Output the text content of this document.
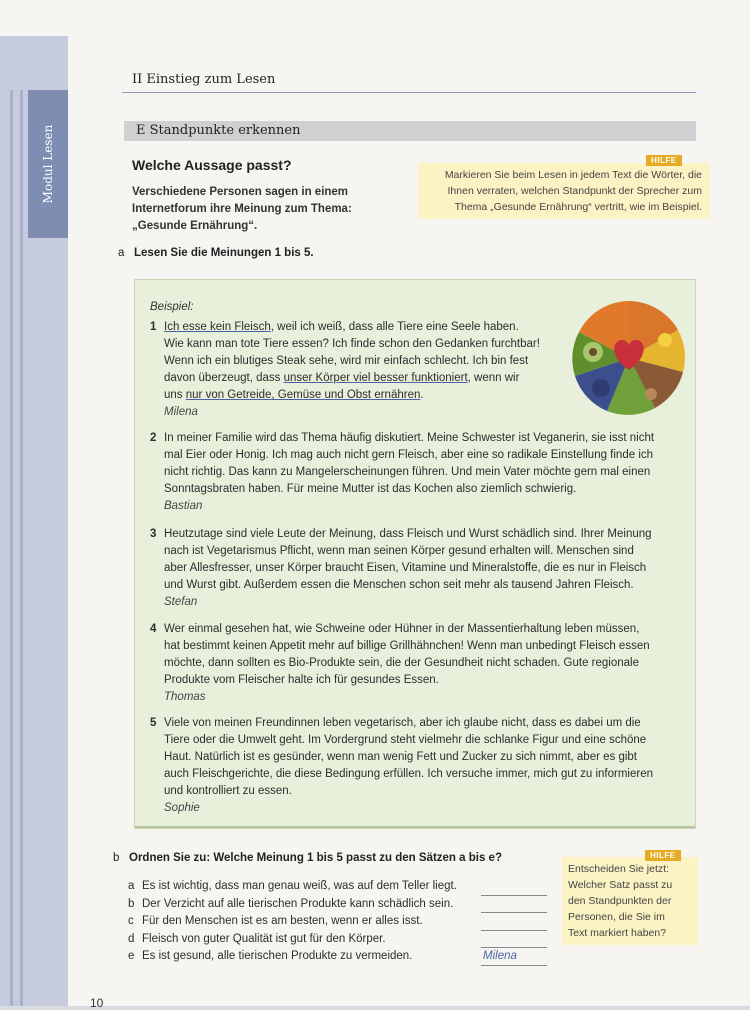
Modul Lesen
II Einstieg zum Lesen
E Standpunkte erkennen
Welche Aussage passt?
Verschiedene Personen sagen in einem
Internetforum ihre Meinung zum Thema:
„Gesunde Ernährung“.
Markieren Sie beim Lesen in jedem Text die Wörter, die
Ihnen verraten, welchen Standpunkt der Sprecher zum
Thema „Gesunde Ernährung“ vertritt, wie im Beispiel.
HILFE
a Lesen Sie die Meinungen 1 bis 5.
Beispiel:
1 Ich esse kein Fleisch, weil ich weiß, dass alle Tiere eine Seele haben.
Wie kann man tote Tiere essen? Ich finde schon den Gedanken furchtbar!
Wenn ich ein blutiges Steak sehe, wird mir einfach schlecht. Ich bin fest
davon überzeugt, dass unser Körper viel besser funktioniert, wenn wir
uns nur von Getreide, Gemüse und Obst ernähren.
Milena
2 In meiner Familie wird das Thema häufig diskutiert. Meine Schwester ist Veganerin, sie isst nicht
mal Eier oder Honig. Ich mag auch nicht gern Fleisch, aber eine so radikale Einstellung finde ich
nicht richtig. Das kann zu Mangelerscheinungen führen. Und mein Vater möchte gern mal einen
Sonntagsbraten haben. Für meine Mutter ist das Kochen also ziemlich schwierig.
Bastian
3 Heutzutage sind viele Leute der Meinung, dass Fleisch und Wurst schädlich sind. Ihrer Meinung
nach ist Vegetarismus Pflicht, wenn man seinen Körper gesund erhalten will. Menschen sind
aber Allesfresser, unser Körper braucht Eisen, Vitamine und Mineralstoffe, die es nur in Fleisch
und Wurst gibt. Außerdem essen die Menschen schon seit mehr als tausend Jahren Fleisch.
Stefan
4 Wer einmal gesehen hat, wie Schweine oder Hühner in der Massentierhaltung leben müssen,
hat bestimmt keinen Appetit mehr auf billige Grillhähnchen! Wenn man unbedingt Fleisch essen
möchte, dann sollten es Bio-Produkte sein, die der Gesundheit nicht schaden. Gute regionale
Produkte vom Fleischer halte ich für gesundes Essen.
Thomas
5 Viele von meinen Freundinnen leben vegetarisch, aber ich glaube nicht, dass es dabei um die
Tiere oder die Umwelt geht. Im Vordergrund steht vielmehr die schlanke Figur und eine schöne
Haut. Natürlich ist es gesünder, wenn man wenig Fett und Zucker zu sich nimmt, aber es gibt
auch Fleischgerichte, die diese Bedingung erfüllen. Ich versuche immer, mich gut zu informieren
und kontrolliert zu essen.
Sophie
b Ordnen Sie zu: Welche Meinung 1 bis 5 passt zu den Sätzen a bis e?
Entscheiden Sie jetzt:
Welcher Satz passt zu
den Standpunkten der
Personen, die Sie im
Text markiert haben?
HILFE
a Es ist wichtig, dass man genau weiß, was auf dem Teller liegt.
b Der Verzicht auf alle tierischen Produkte kann schädlich sein.
c Für den Menschen ist es am besten, wenn er alles isst.
d Fleisch von guter Qualität ist gut für den Körper.
e Es ist gesund, alle tierischen Produkte zu vermeiden.	Milena
10
